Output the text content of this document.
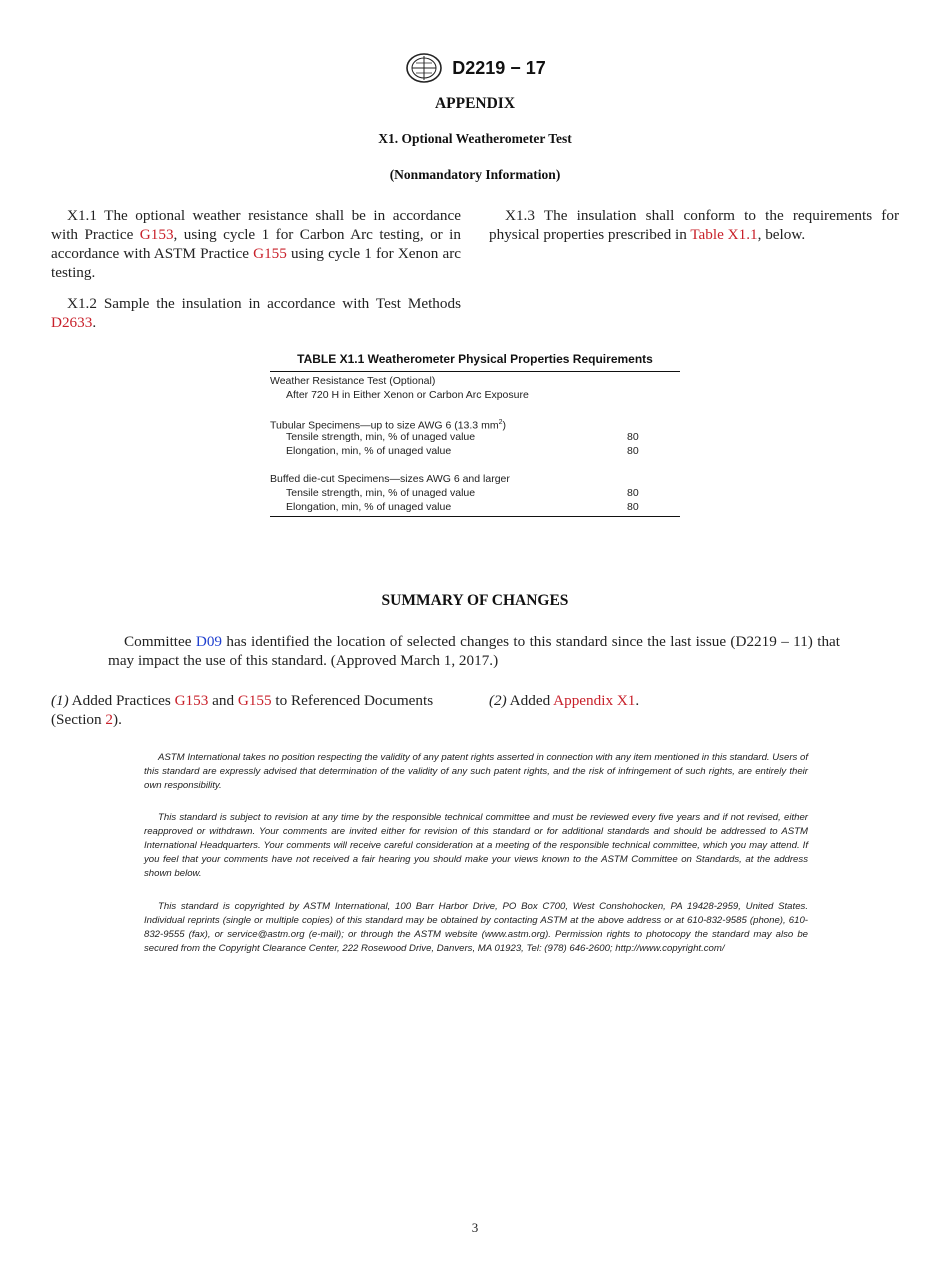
D2219 − 17
APPENDIX
X1. Optional Weatherometer Test
(Nonmandatory Information)

X1.1 The optional weather resistance shall be in accordance with Practice G153, using cycle 1 for Carbon Arc testing, or in accordance with ASTM Practice G155 using cycle 1 for Xenon arc testing.

X1.2 Sample the insulation in accordance with Test Methods D2633.

X1.3 The insulation shall conform to the requirements for physical properties prescribed in Table X1.1, below.

TABLE X1.1 Weatherometer Physical Properties Requirements
Weather Resistance Test (Optional)
After 720 H in Either Xenon or Carbon Arc Exposure
Tubular Specimens—up to size AWG 6 (13.3 $mm^2$)
Tensile strength, min, % of unaged value	80
Elongation, min, % of unaged value	80
Buffed die-cut Specimens—sizes AWG 6 and larger
Tensile strength, min, % of unaged value	80
Elongation, min, % of unaged value	80
SUMMARY OF CHANGES
Committee D09 has identified the location of selected changes to this standard since the last issue (D2219 – 11) that may impact the use of this standard. (Approved March 1, 2017.)
(1) Added Practices G153 and G155 to Referenced Documents (Section 2).
(2) Added Appendix X1.
ASTM International takes no position respecting the validity of any patent rights asserted in connection with any item mentioned in this standard. Users of this standard are expressly advised that determination of the validity of any such patent rights, and the risk of infringement of such rights, are entirely their own responsibility.
This standard is subject to revision at any time by the responsible technical committee and must be reviewed every five years and if not revised, either reapproved or withdrawn. Your comments are invited either for revision of this standard or for additional standards and should be addressed to ASTM International Headquarters. Your comments will receive careful consideration at a meeting of the responsible technical committee, which you may attend. If you feel that your comments have not received a fair hearing you should make your views known to the ASTM Committee on Standards, at the address shown below.
This standard is copyrighted by ASTM International, 100 Barr Harbor Drive, PO Box C700, West Conshohocken, PA 19428-2959, United States. Individual reprints (single or multiple copies) of this standard may be obtained by contacting ASTM at the above address or at 610-832-9585 (phone), 610-832-9555 (fax), or service@astm.org (e-mail); or through the ASTM website (www.astm.org). Permission rights to photocopy the standard may also be secured from the Copyright Clearance Center, 222 Rosewood Drive, Danvers, MA 01923, Tel: (978) 646-2600; http://www.copyright.com/
3
